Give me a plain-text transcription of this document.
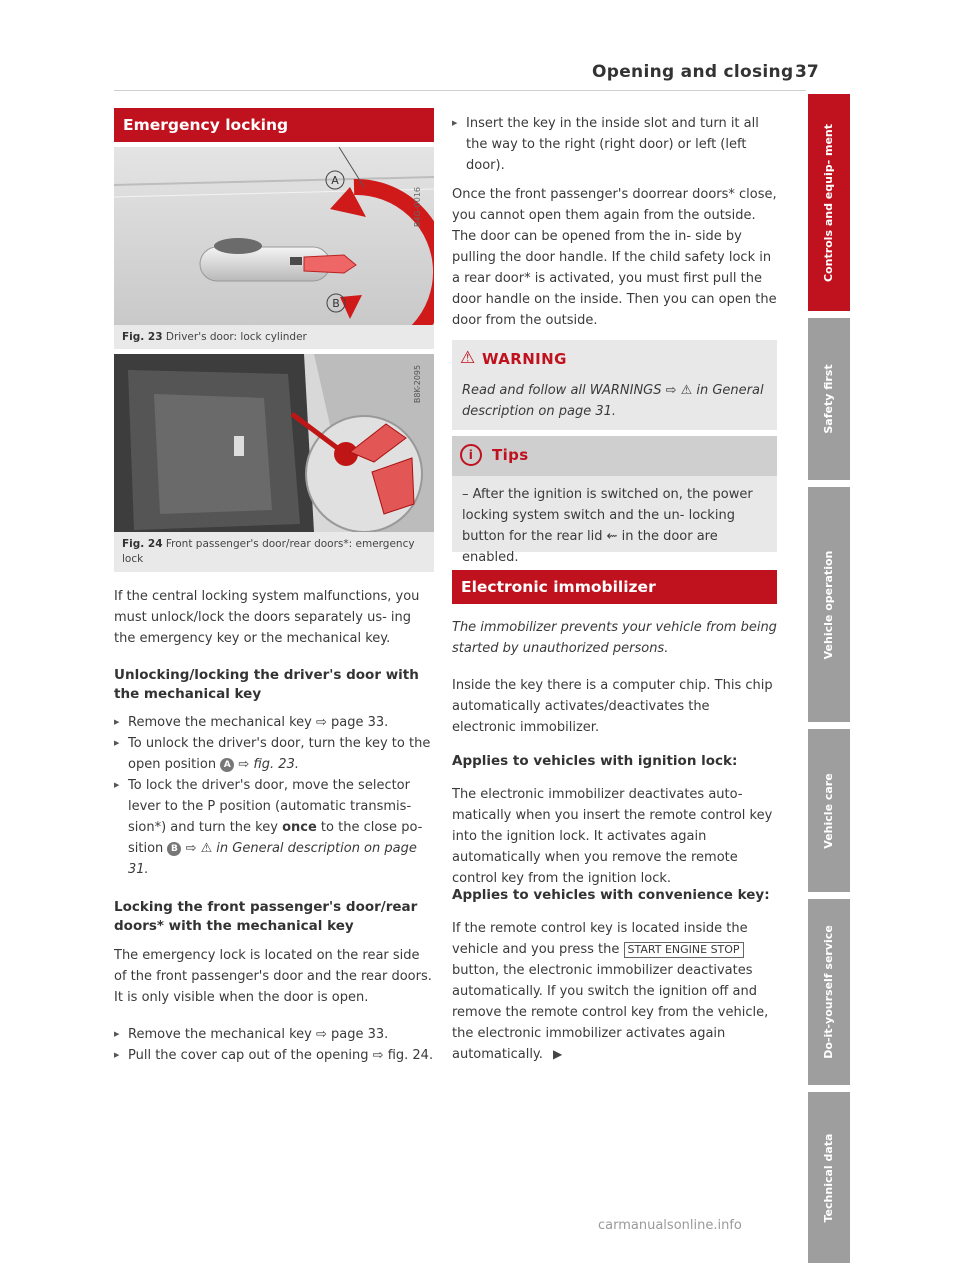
Opening and closing 37
Controls and equip- ment
Safety first
Vehicle operation
Vehicle care
Do-it-yourself service
Technical data
Emergency locking
A
B
B4G-0016
Fig. 23 Driver's door: lock cylinder
B8K-2095
Fig. 24 Front passenger's door/rear doors*: emergency lock

If the central locking system malfunctions, you must unlock/lock the doors separately us- ing the emergency key or the mechanical key.

Unlocking/locking the driver's door with the mechanical key
▶ Remove the mechanical key ⇨ page 33.
▶ To unlock the driver's door, turn the key to the open position A ⇨ fig. 23.
▶ To lock the driver's door, move the selector lever to the P position (automatic transmis- sion*) and turn the key once to the close po- sition B ⇨ ⚠ in General description on page 31.
Locking the front passenger's door/rear doors* with the mechanical key

The emergency lock is located on the rear side of the front passenger's door and the rear doors. It is only visible when the door is open.

▶ Remove the mechanical key ⇨ page 33.
▶ Pull the cover cap out of the opening ⇨ fig. 24.
▶ Insert the key in the inside slot and turn it all the way to the right (right door) or left (left door).

Once the front passenger's doorrear doors* close, you cannot open them again from the outside. The door can be opened from the in- side by pulling the door handle. If the child safety lock in a rear door* is activated, you must first pull the door handle on the inside. Then you can open the door from the outside.

⚠ WARNING

Read and follow all WARNINGS ⇨ ⚠ in General description on page 31.

i	Tips

– After the ignition is switched on, the power locking system switch and the un- locking button for the rear lid ⇜ in the door are enabled.

Electronic immobilizer

The immobilizer prevents your vehicle from being started by unauthorized persons.

Inside the key there is a computer chip. This chip automatically activates/deactivates the electronic immobilizer.

Applies to vehicles with ignition lock:

The electronic immobilizer deactivates auto- matically when you insert the remote control key into the ignition lock. It activates again automatically when you remove the remote control key from the ignition lock.

Applies to vehicles with convenience key:

If the remote control key is located inside the vehicle and you press the START ENGINE STOP button, the electronic immobilizer deactivates automatically. If you switch the ignition off and remove the remote control key from the vehicle, the electronic immobilizer activates again automatically. ▶

carmanualsonline.info
